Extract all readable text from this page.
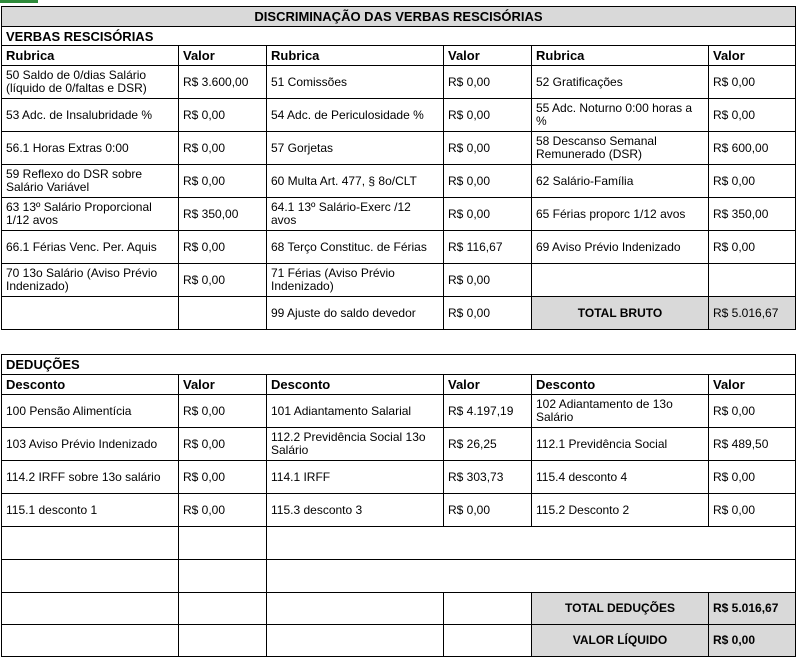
DISCRIMINAÇÃO DAS VERBAS RESCISÓRIAS					
VERBAS RESCISÓRIAS					
Rubrica	Valor	Rubrica	Valor	Rubrica	Valor
50 Saldo de 0/dias Salário (líquido de 0/faltas e DSR)	R$ 3.600,00	51 Comissões	R$ 0,00	52 Gratificações	R$ 0,00
53 Adc. de Insalubridade %	R$ 0,00	54 Adc. de Periculosidade %	R$ 0,00	55 Adc. Noturno 0:00 horas a %	R$ 0,00
56.1 Horas Extras 0:00	R$ 0,00	57 Gorjetas	R$ 0,00	58 Descanso Semanal Remunerado (DSR)	R$ 600,00
59 Reflexo do DSR sobre Salário Variável	R$ 0,00	60 Multa Art. 477, § 8o/CLT	R$ 0,00	62 Salário-Família	R$ 0,00
63 13º Salário Proporcional 1/12 avos	R$ 350,00	64.1 13º Salário-Exerc /12 avos	R$ 0,00	65 Férias proporc 1/12 avos	R$ 350,00
66.1 Férias Venc. Per. Aquis	R$ 0,00	68 Terço Constituc. de Férias	R$ 116,67	69 Aviso Prévio Indenizado	R$ 0,00
70 13o Salário (Aviso Prévio Indenizado)	R$ 0,00	71 Férias (Aviso Prévio Indenizado)	R$ 0,00		
		99 Ajuste do saldo devedor	R$ 0,00	TOTAL BRUTO	R$ 5.016,67
DEDUÇÕES					
Desconto	Valor	Desconto	Valor	Desconto	Valor
100 Pensão Alimentícia	R$ 0,00	101 Adiantamento Salarial	R$ 4.197,19	102 Adiantamento de 13o Salário	R$ 0,00
103 Aviso Prévio Indenizado	R$ 0,00	112.2 Previdência Social 13o Salário	R$ 26,25	112.1 Previdência Social	R$ 489,50
114.2 IRFF sobre 13o salário	R$ 0,00	114.1 IRFF	R$ 303,73	115.4 desconto 4	R$ 0,00
115.1 desconto 1	R$ 0,00	115.3 desconto 3	R$ 0,00	115.2 Desconto 2	R$ 0,00

				TOTAL DEDUÇÕES	R$ 5.016,67
				VALOR LÍQUIDO	R$ 0,00
